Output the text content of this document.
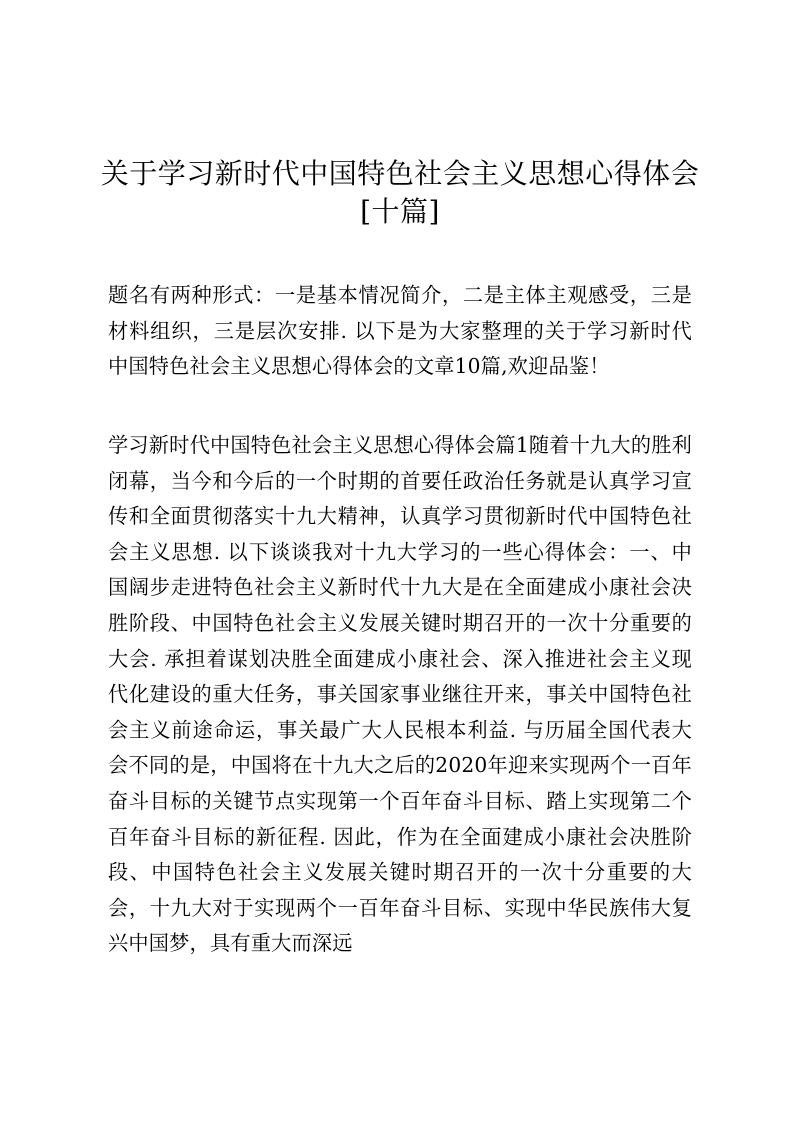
关于学习新时代中国特色社会主义思想心得体会[十篇]

题名有两种形式：一是基本情况简介，二是主体主观感受，三是材料组织，三是层次安排. 以下是为大家整理的关于学习新时代中国特色社会主义思想心得体会的文章10篇,欢迎品鉴！

学习新时代中国特色社会主义思想心得体会篇1随着十九大的胜利闭幕，当今和今后的一个时期的首要任政治任务就是认真学习宣传和全面贯彻落实十九大精神，认真学习贯彻新时代中国特色社会主义思想. 以下谈谈我对十九大学习的一些心得体会：一、中国阔步走进特色社会主义新时代十九大是在全面建成小康社会决胜阶段、中国特色社会主义发展关键时期召开的一次十分重要的大会. 承担着谋划决胜全面建成小康社会、深入推进社会主义现代化建设的重大任务，事关国家事业继往开来，事关中国特色社会主义前途命运，事关最广大人民根本利益. 与历届全国代表大会不同的是，中国将在十九大之后的2020年迎来实现两个一百年奋斗目标的关键节点实现第一个百年奋斗目标、踏上实现第二个百年奋斗目标的新征程. 因此，作为在全面建成小康社会决胜阶段、中国特色社会主义发展关键时期召开的一次十分重要的大会，十九大对于实现两个一百年奋斗目标、实现中华民族伟大复兴中国梦，具有重大而深远
